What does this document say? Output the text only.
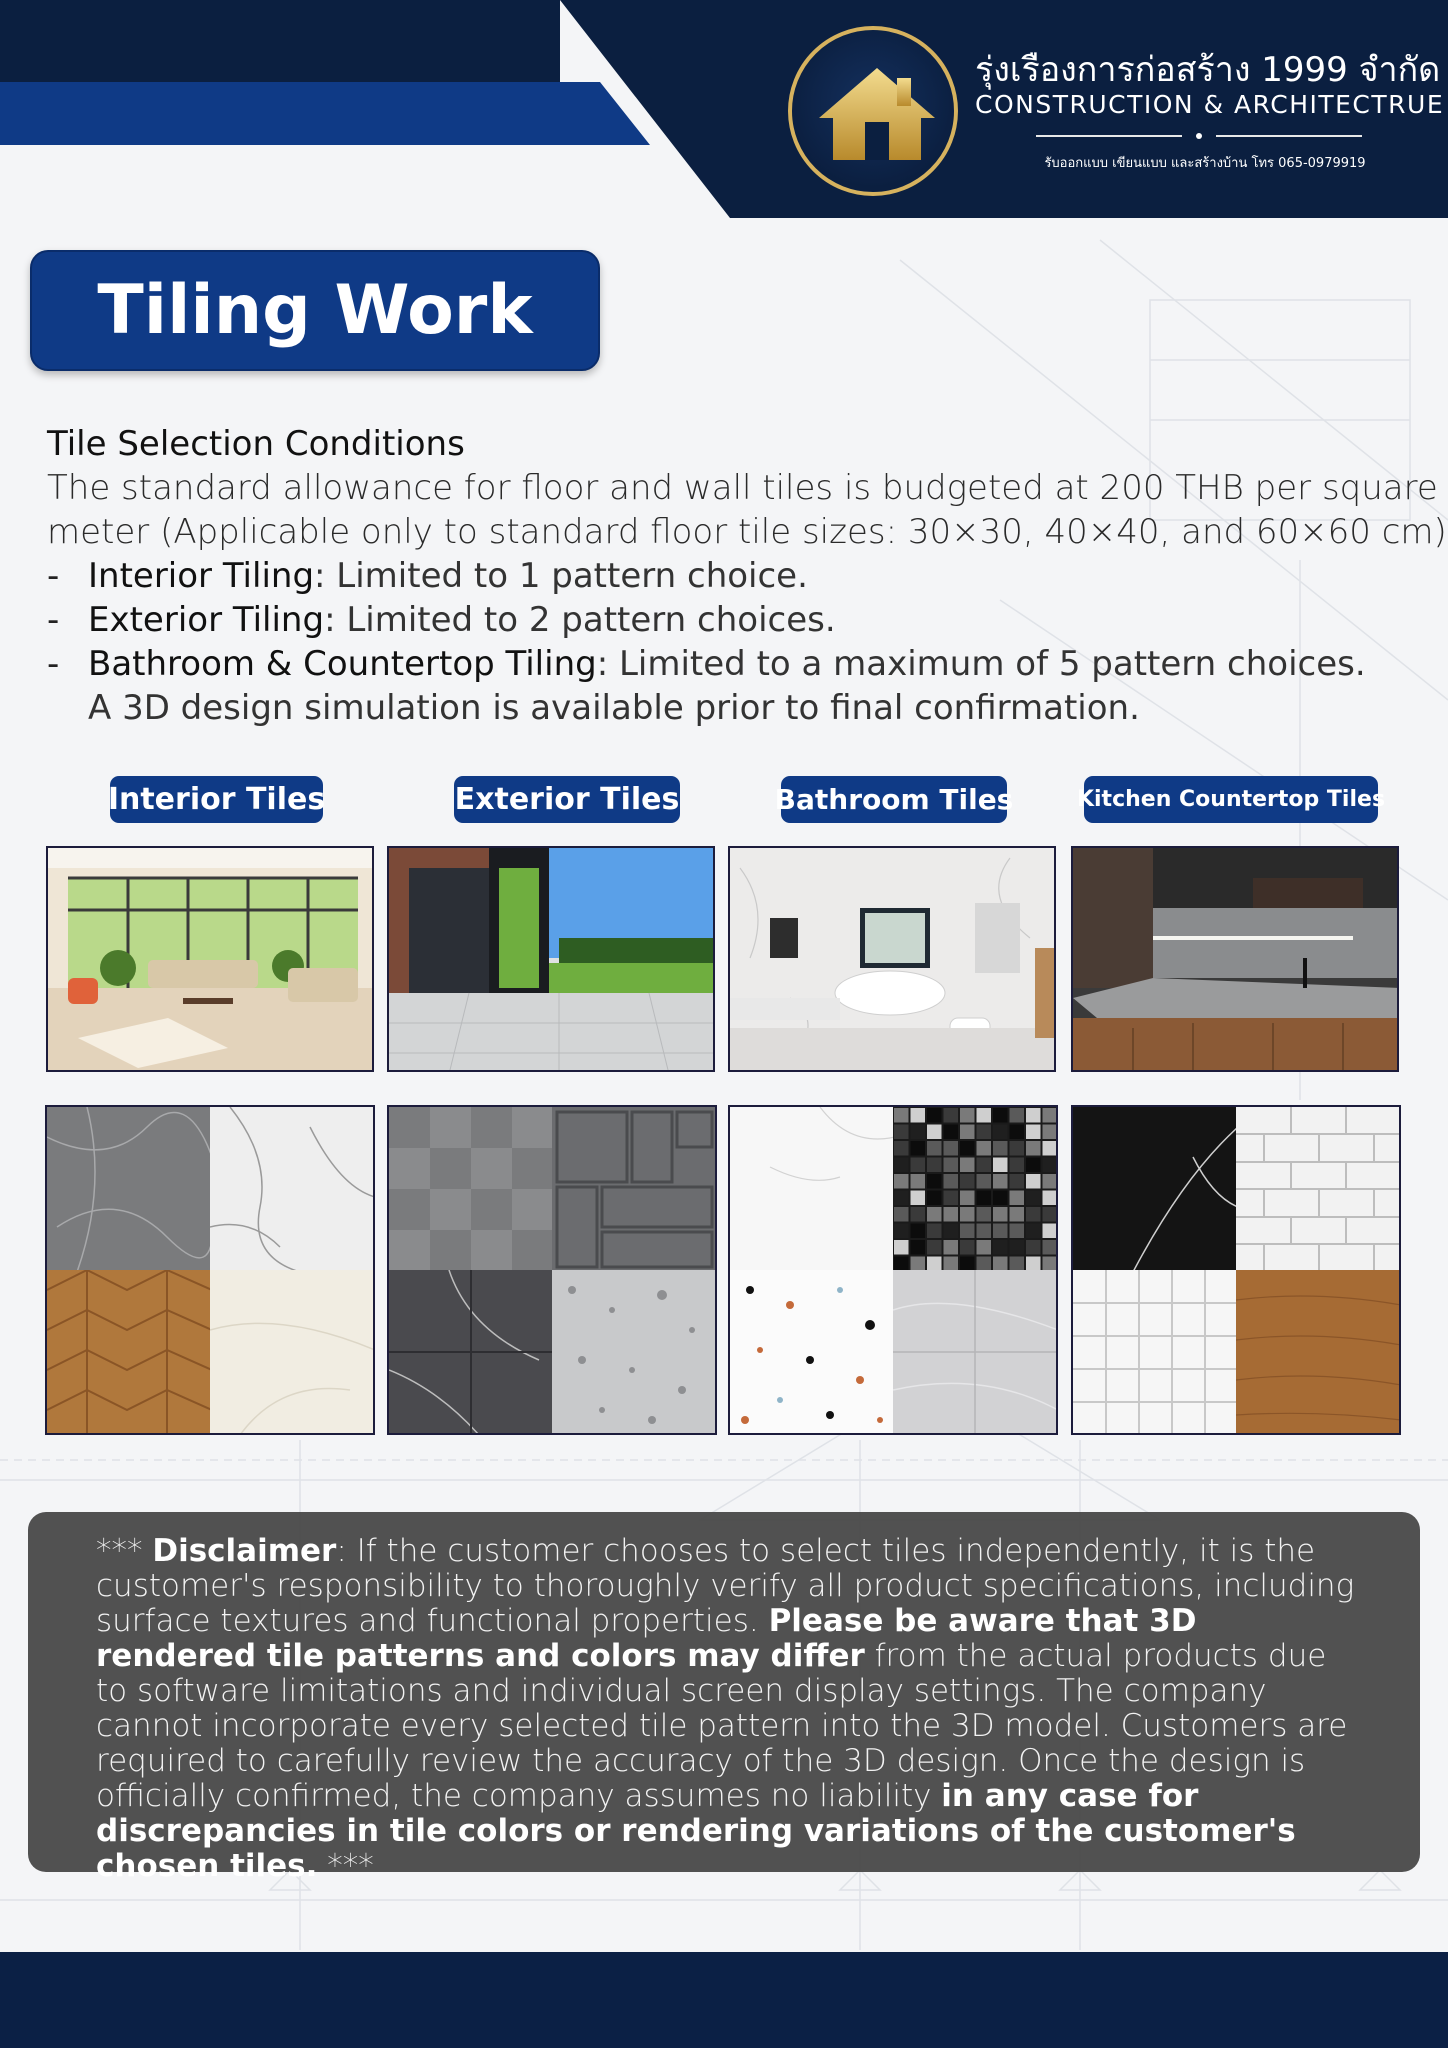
รุ่งเรืองการก่อสร้าง 1999 จำกัด
CONSTRUCTION & ARCHITECTRUE
รับออกแบบ เขียนแบบ และสร้างบ้าน โทร 065-0979919
Tiling Work
Tile Selection Conditions
The standard allowance for floor and wall tiles is budgeted at 200 THB per square
meter (Applicable only to standard floor tile sizes: 30×30, 40×40, and 60×60 cm)
- Interior Tiling : Limited to 1 pattern choice.
- Exterior Tiling : Limited to 2 pattern choices.
- Bathroom & Countertop Tiling : Limited to a maximum of 5 pattern choices.
A 3D design simulation is available prior to final confirmation.
Interior Tiles	Exterior Tiles	Bathroom Tiles	Kitchen Countertop Tiles
*** Disclaimer: If the customer chooses to select tiles independently, it is the customer's responsibility to thoroughly verify all product specifications, including surface textures and functional properties. Please be aware that 3D rendered tile patterns and colors may differ from the actual products due to software limitations and individual screen display settings. The company cannot incorporate every selected tile pattern into the 3D model. Customers are required to carefully review the accuracy of the 3D design. Once the design is officially confirmed, the company assumes no liability in any case for discrepancies in tile colors or rendering variations of the customer's chosen tiles. ***
